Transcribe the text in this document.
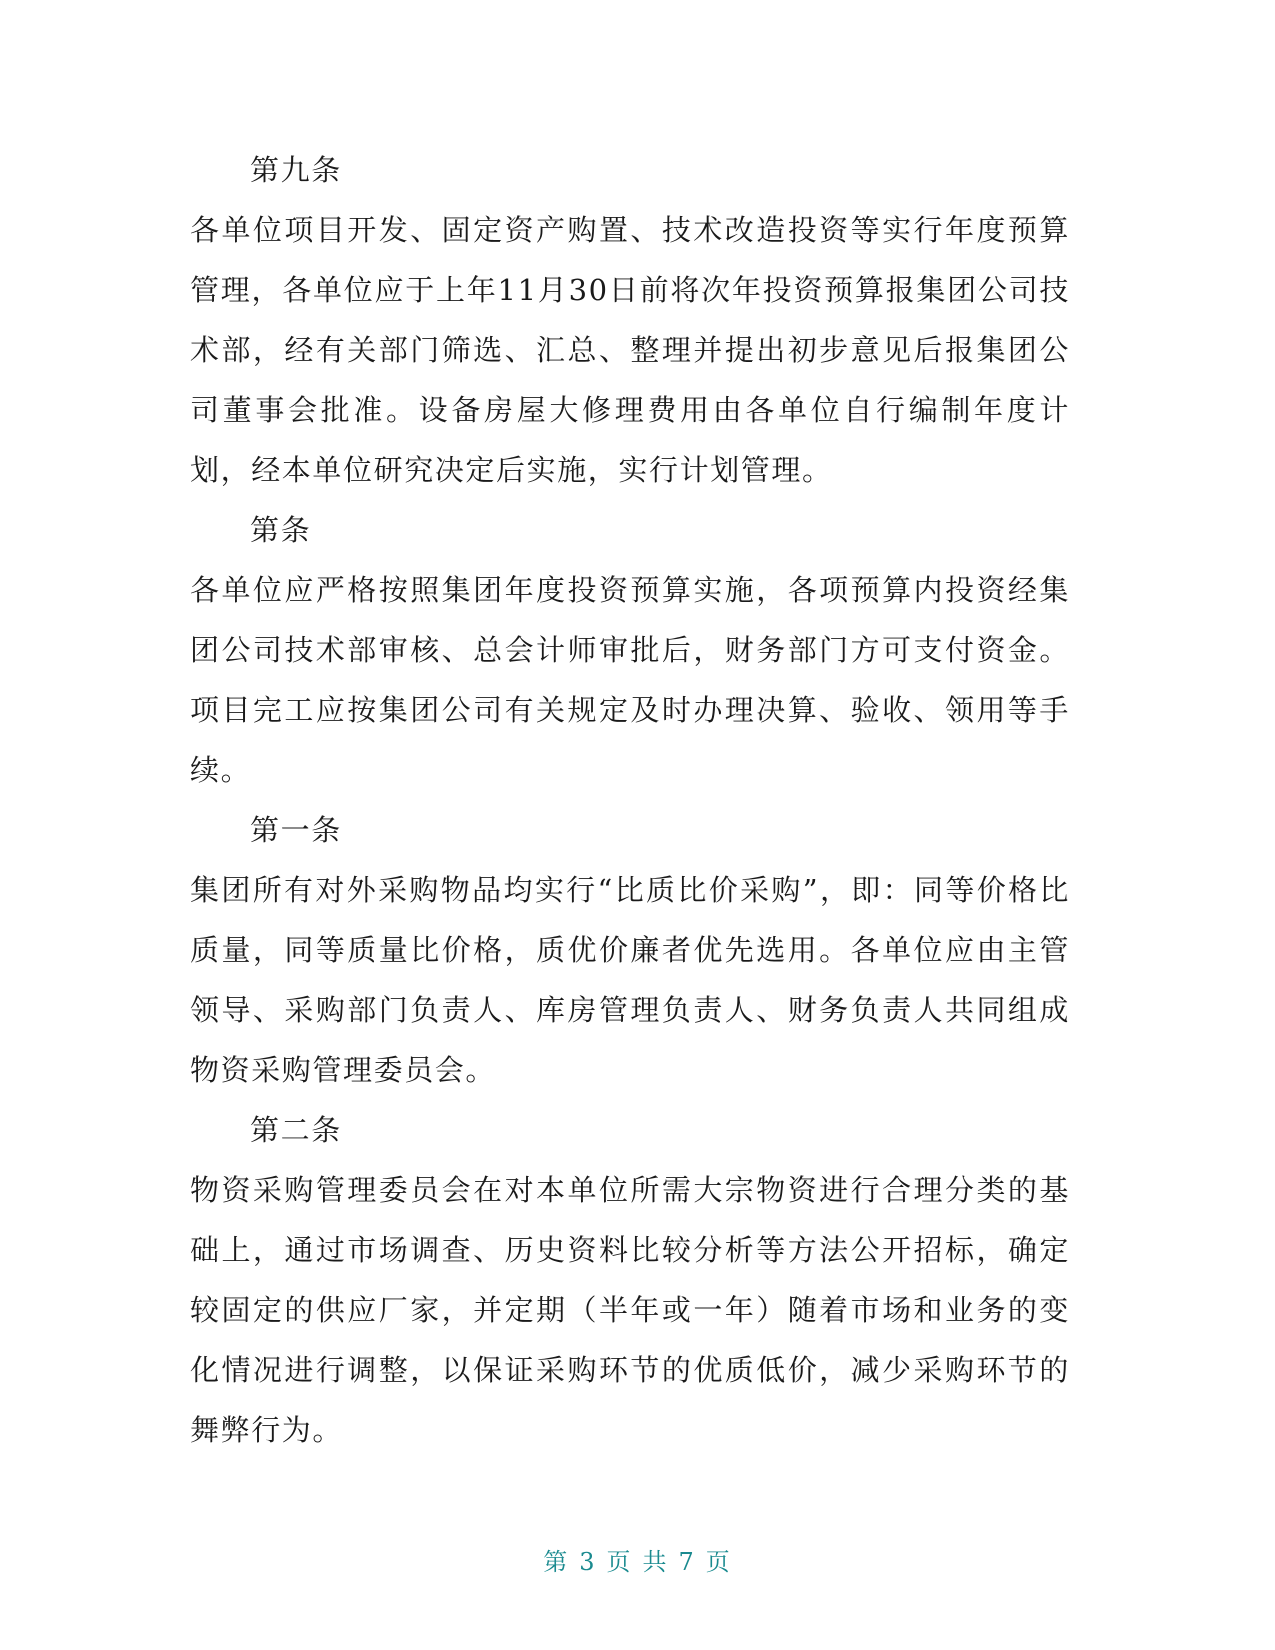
第九条

各单位项目开发、固定资产购置、技术改造投资等实行年度预算管理，各单位应于上年11月30日前将次年投资预算报集团公司技术部，经有关部门筛选、汇总、整理并提出初步意见后报集团公司董事会批准。设备房屋大修理费用由各单位自行编制年度计划，经本单位研究决定后实施，实行计划管理。

第条

各单位应严格按照集团年度投资预算实施，各项预算内投资经集团公司技术部审核、总会计师审批后，财务部门方可支付资金。项目完工应按集团公司有关规定及时办理决算、验收、领用等手续。

第一条

集团所有对外采购物品均实行“比质比价采购”，即：同等价格比质量，同等质量比价格，质优价廉者优先选用。各单位应由主管领导、采购部门负责人、库房管理负责人、财务负责人共同组成物资采购管理委员会。

第二条

物资采购管理委员会在对本单位所需大宗物资进行合理分类的基础上，通过市场调查、历史资料比较分析等方法公开招标，确定较固定的供应厂家，并定期（半年或一年）随着市场和业务的变化情况进行调整，以保证采购环节的优质低价，减少采购环节的舞弊行为。

第 3 页 共 7 页
